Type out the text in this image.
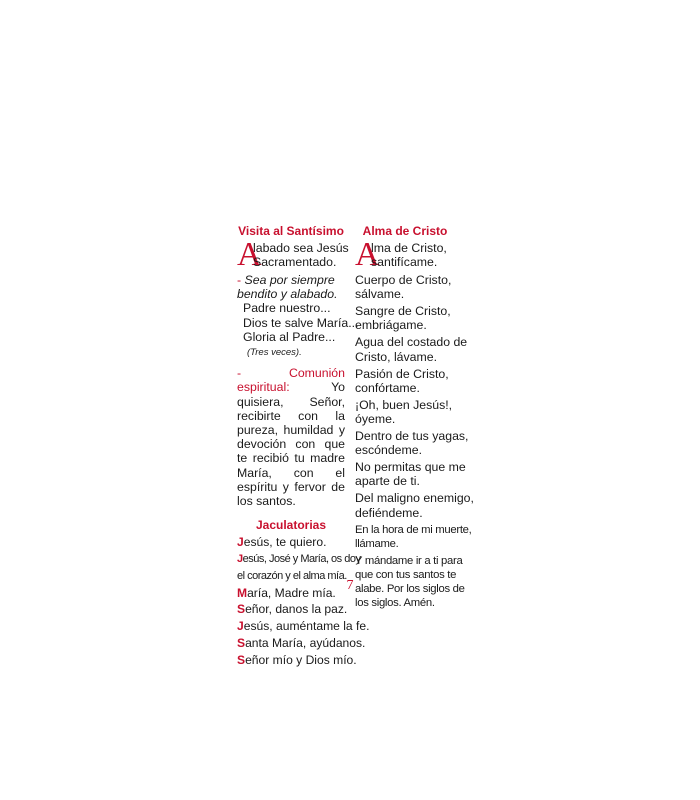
Visita al Santísimo
A
labado sea Jesús
Sacramentado.

- Sea por siempre

bendito y alabado.

Padre nuestro...

Dios te salve María...

Gloria al Padre...

(Tres veces).

-	Comunión espiritual:	Yo quisiera, Señor, recibirte con la pureza, humildad y devoción con que te recibió tu madre María, con el espíritu y fervor de los santos.

Jaculatorias

Jesús, te quiero.

Jesús, José y María, os doy

el corazón y el alma mía.

María, Madre mía.

Señor, danos la paz.

Jesús, auméntame la fe.

Santa María, ayúdanos.

Señor mío y Dios mío.

Alma de Cristo
A
lma de Cristo,
santifícame.

Cuerpo de Cristo,

sálvame.

Sangre de Cristo,

embriágame.

Agua del costado de

Cristo, lávame.

Pasión de Cristo,

confórtame.

¡Oh, buen Jesús!,

óyeme.

Dentro de tus yagas,

escóndeme.

No permitas que me

aparte de ti.

Del maligno enemigo,

defiéndeme.

En la hora de mi muerte,

llámame.

Y mándame ir a ti para

que con tus santos te

alabe. Por los siglos de

los siglos. Amén.

7
